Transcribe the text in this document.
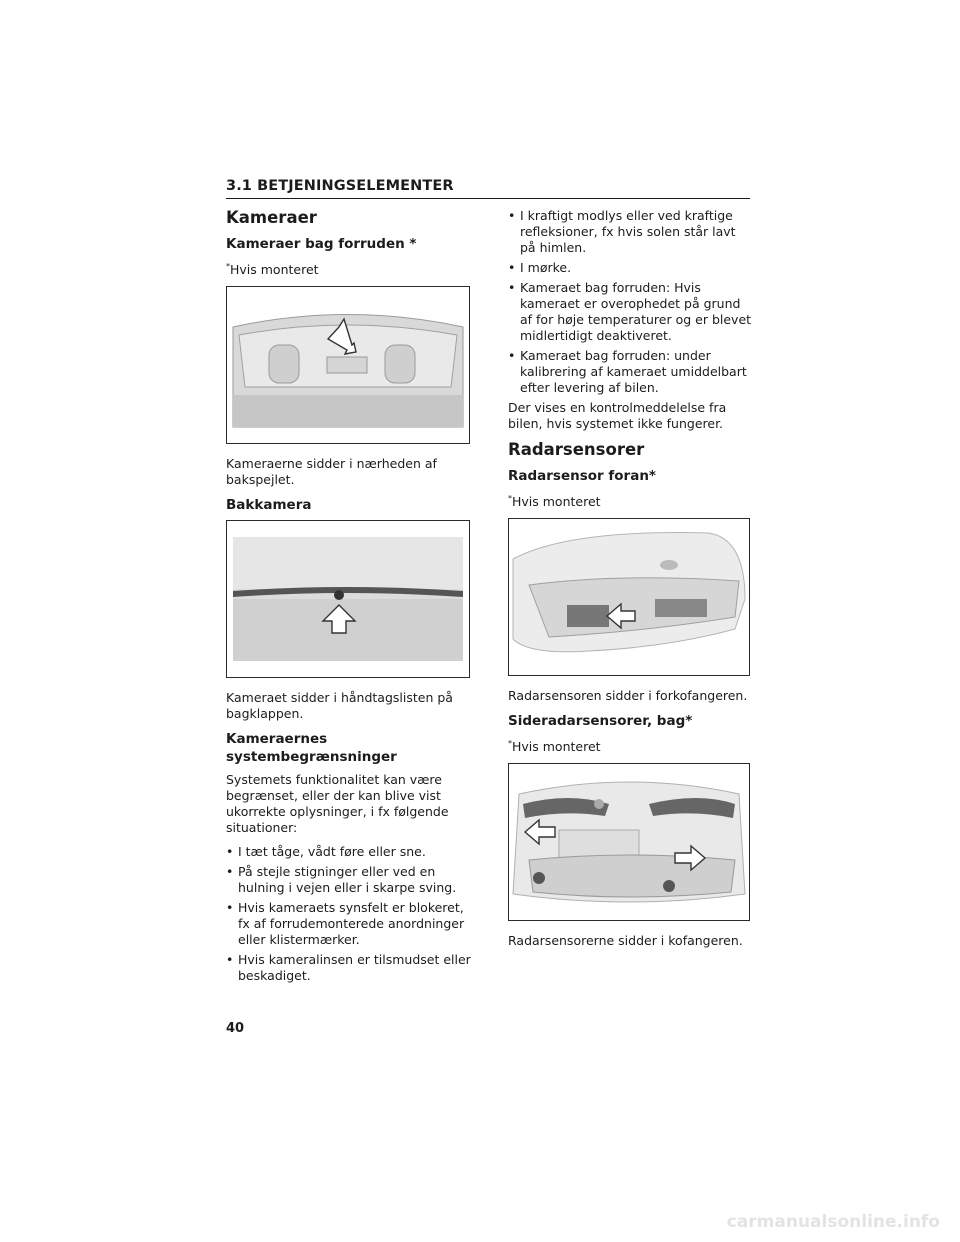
3.1 BETJENINGSELEMENTER
Kameraer
Kameraer bag forruden *
*Hvis monteret
Kameraerne sidder i nærheden af bakspejlet.
Bakkamera
Kameraet sidder i håndtagslisten på bagklappen.
Kameraernes systembegrænsninger
Systemets funktionalitet kan være begrænset, eller der kan blive vist ukorrekte oplysninger, i fx følgende situationer:
• I tæt tåge, vådt føre eller sne.
• På stejle stigninger eller ved en hulning i vejen eller i skarpe sving.
• Hvis kameraets synsfelt er blokeret, fx af forrudemonterede anordninger eller klistermærker.
• Hvis kameralinsen er tilsmudset eller beskadiget.
• I kraftigt modlys eller ved kraftige refleksioner, fx hvis solen står lavt på himlen.
• I mørke.
• Kameraet bag forruden: Hvis kameraet er overophedet på grund af for høje temperaturer og er blevet midlertidigt deaktiveret.
• Kameraet bag forruden: under kalibrering af kameraet umiddelbart efter levering af bilen.
Der vises en kontrolmeddelelse fra bilen, hvis systemet ikke fungerer.
Radarsensorer
Radarsensor foran*
*Hvis monteret
Radarsensoren sidder i forkofangeren.
Sideradarsensorer, bag*
*Hvis monteret
Radarsensorerne sidder i kofangeren.
40
carmanualsonline.info
